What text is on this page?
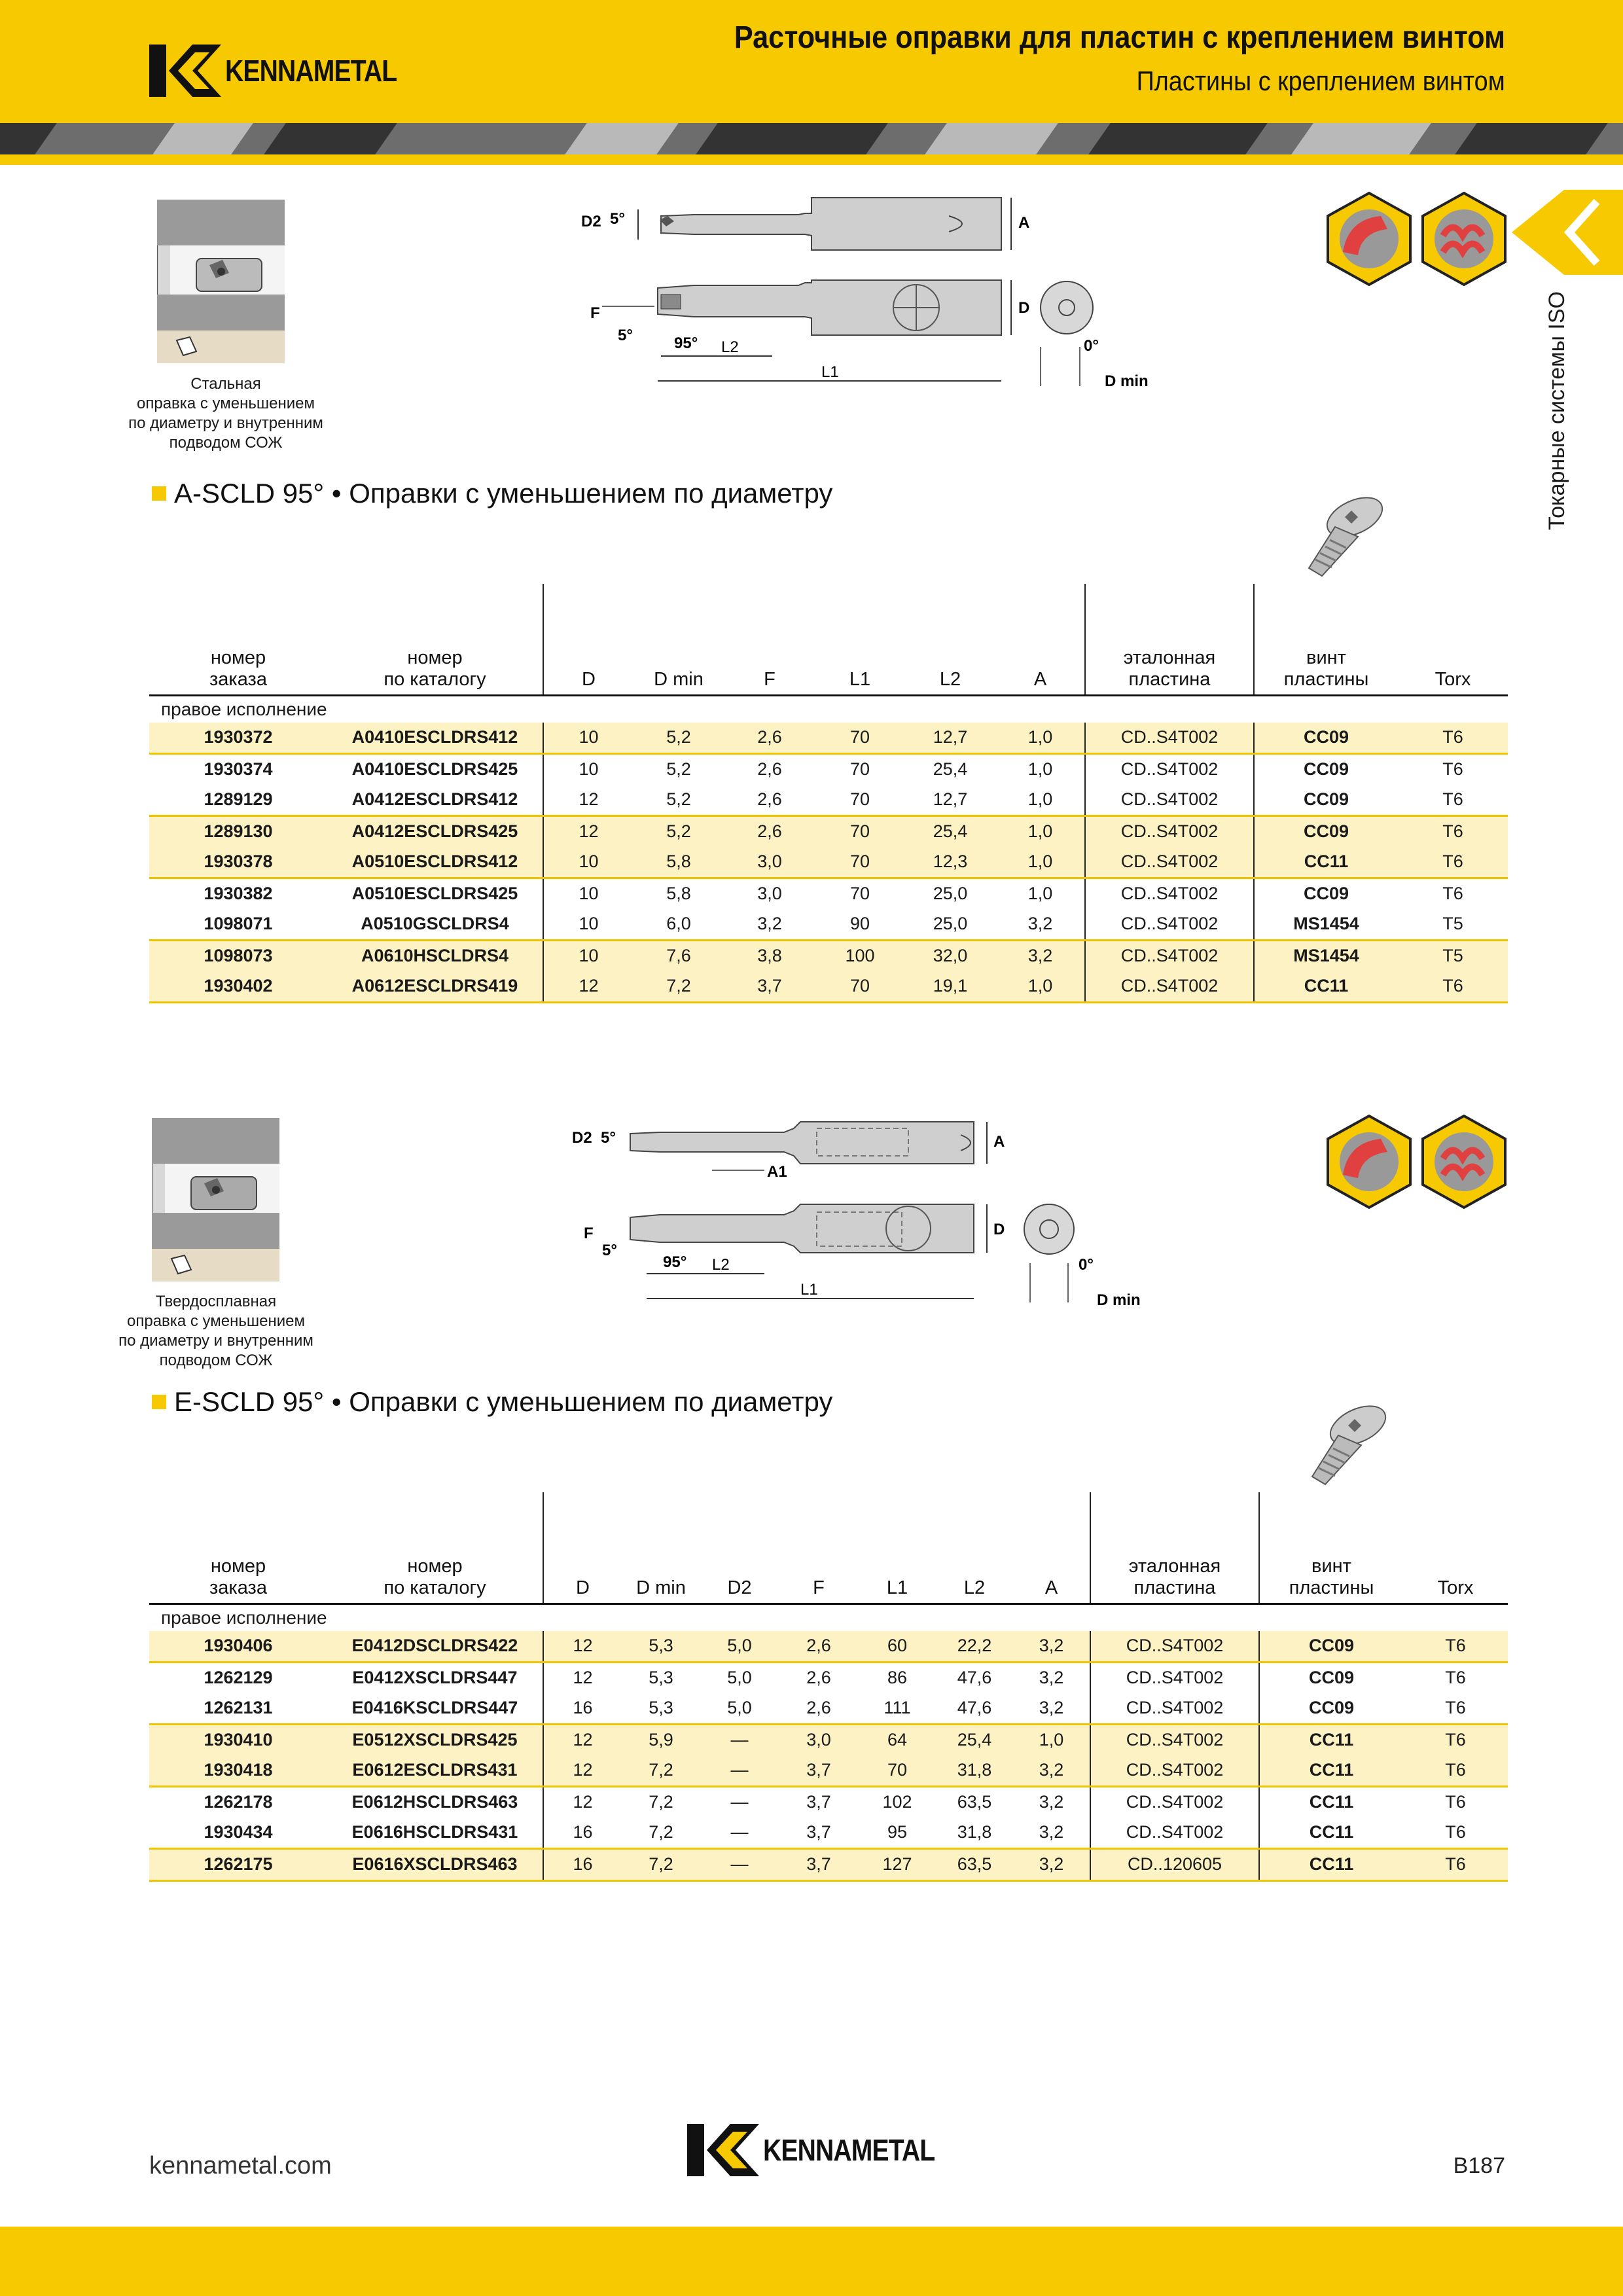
KENNAMETAL
Расточные оправки для пластин с креплением винтом
Пластины с креплением винтом
Токарные системы ISO
Стальная
оправка с уменьшением
по диаметру и внутренним
подводом СОЖ
A
D2 5°
D
F
5°	95° L2
L1
0°
D min
A-SCLD 95° • Оправки с уменьшением по диаметру
номер
заказа	номер
по каталогу	D	D min	F	L1	L2	A	эталонная
пластина	винт
пластины	Torx
правое исполнение										
1930372	A0410ESCLDRS412	10	5,2	2,6	70	12,7	1,0	CD..S4T002	CC09	T6
1930374	A0410ESCLDRS425	10	5,2	2,6	70	25,4	1,0	CD..S4T002	CC09	T6
1289129	A0412ESCLDRS412	12	5,2	2,6	70	12,7	1,0	CD..S4T002	CC09	T6
1289130	A0412ESCLDRS425	12	5,2	2,6	70	25,4	1,0	CD..S4T002	CC09	T6
1930378	A0510ESCLDRS412	10	5,8	3,0	70	12,3	1,0	CD..S4T002	CC11	T6
1930382	A0510ESCLDRS425	10	5,8	3,0	70	25,0	1,0	CD..S4T002	CC09	T6
1098071	A0510GSCLDRS4	10	6,0	3,2	90	25,0	3,2	CD..S4T002	MS1454	T5
1098073	A0610HSCLDRS4	10	7,6	3,8	100	32,0	3,2	CD..S4T002	MS1454	T5
1930402	A0612ESCLDRS419	12	7,2	3,7	70	19,1	1,0	CD..S4T002	CC11	T6
Твердосплавная
оправка с уменьшением
по диаметру и внутренним
подводом СОЖ
A
D2 5°
A1
D
F
5°
95° L2
L1
0°
D min
E-SCLD 95° • Оправки с уменьшением по диаметру
номер
заказа	номер
по каталогу	D	D min	D2	F	L1	L2	A	эталонная
пластина	винт
пластины	Torx
правое исполнение											
1930406	E0412DSCLDRS422	12	5,3	5,0	2,6	60	22,2	3,2	CD..S4T002	CC09	T6
1262129	E0412XSCLDRS447	12	5,3	5,0	2,6	86	47,6	3,2	CD..S4T002	CC09	T6
1262131	E0416KSCLDRS447	16	5,3	5,0	2,6	111	47,6	3,2	CD..S4T002	CC09	T6
1930410	E0512XSCLDRS425	12	5,9	—	3,0	64	25,4	1,0	CD..S4T002	CC11	T6
1930418	E0612ESCLDRS431	12	7,2	—	3,7	70	31,8	3,2	CD..S4T002	CC11	T6
1262178	E0612HSCLDRS463	12	7,2	—	3,7	102	63,5	3,2	CD..S4T002	CC11	T6
1930434	E0616HSCLDRS431	16	7,2	—	3,7	95	31,8	3,2	CD..S4T002	CC11	T6
1262175	E0616XSCLDRS463	16	7,2	—	3,7	127	63,5	3,2	CD..120605	CC11	T6
kennametal.com	KENNAMETAL	B187
